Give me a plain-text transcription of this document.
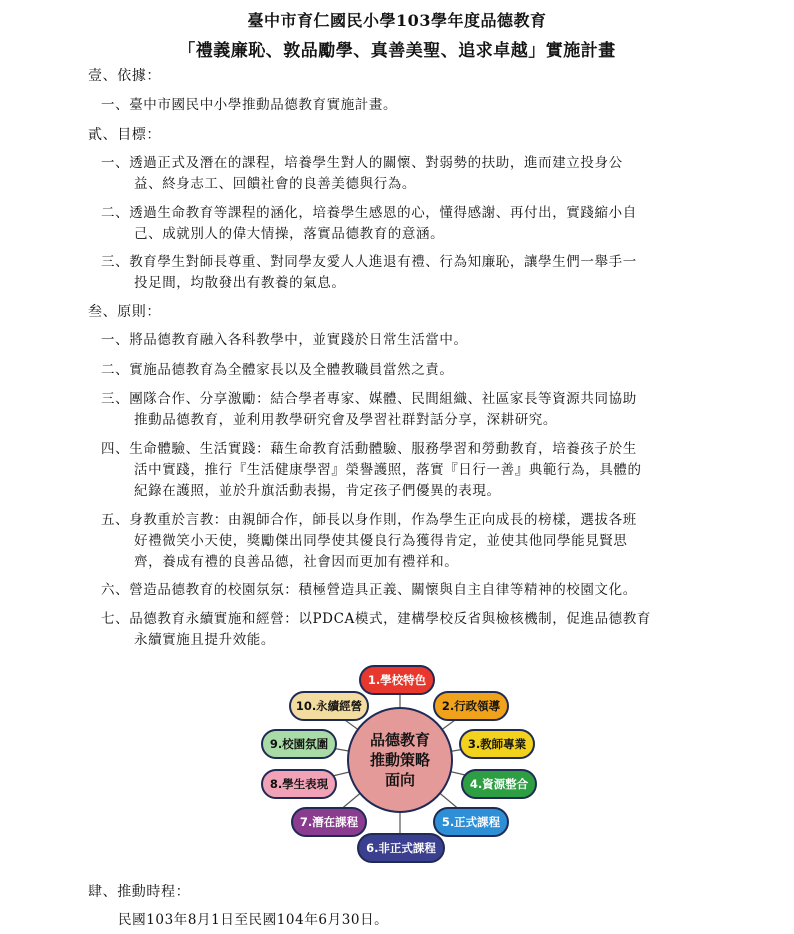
臺中市育仁國民小學103學年度品德教育
「禮義廉恥、敦品勵學、真善美聖、追求卓越」實施計畫
壹、依據：
一、臺中市國民中小學推動品德教育實施計畫。
貳、目標：
一、透過正式及潛在的課程，培養學生對人的關懷、對弱勢的扶助，進而建立投身公
益、終身志工、回饋社會的良善美德與行為。
二、透過生命教育等課程的涵化，培養學生感恩的心，懂得感謝、再付出，實踐縮小自
己、成就別人的偉大情操，落實品德教育的意涵。
三、教育學生對師長尊重、對同學友愛人人進退有禮、行為知廉恥，讓學生們一舉手一
投足間，均散發出有教養的氣息。
叁、原則：
一、將品德教育融入各科教學中，並實踐於日常生活當中。
二、實施品德教育為全體家長以及全體教職員當然之責。
三、團隊合作、分享激勵：結合學者專家、媒體、民間組織、社區家長等資源共同協助
推動品德教育，並利用教學研究會及學習社群對話分享，深耕研究。
四、生命體驗、生活實踐：藉生命教育活動體驗、服務學習和勞動教育，培養孩子於生
活中實踐，推行『生活健康學習』榮譽護照，落實『日行一善』典範行為，具體的
紀錄在護照，並於升旗活動表揚，肯定孩子們優異的表現。
五、身教重於言教：由親師合作，師長以身作則，作為學生正向成長的榜樣，選拔各班
好禮微笑小天使，獎勵傑出同學使其優良行為獲得肯定，並使其他同學能見賢思
齊，養成有禮的良善品德，社會因而更加有禮祥和。
六、營造品德教育的校園氛氛：積極營造具正義、關懷與自主自律等精神的校園文化。
七、品德教育永續實施和經營：以PDCA模式，建構學校反省與檢核機制，促進品德教育
永續實施且提升效能。
1.學校特色
2.行政領導
3.教師專業
4.資源整合
5.正式課程
6.非正式課程
7.潛在課程
8.學生表現
9.校園氛圍
10.永續經營
品德教育
推動策略
面向
肆、推動時程：
民國103年8月1日至民國104年6月30日。
